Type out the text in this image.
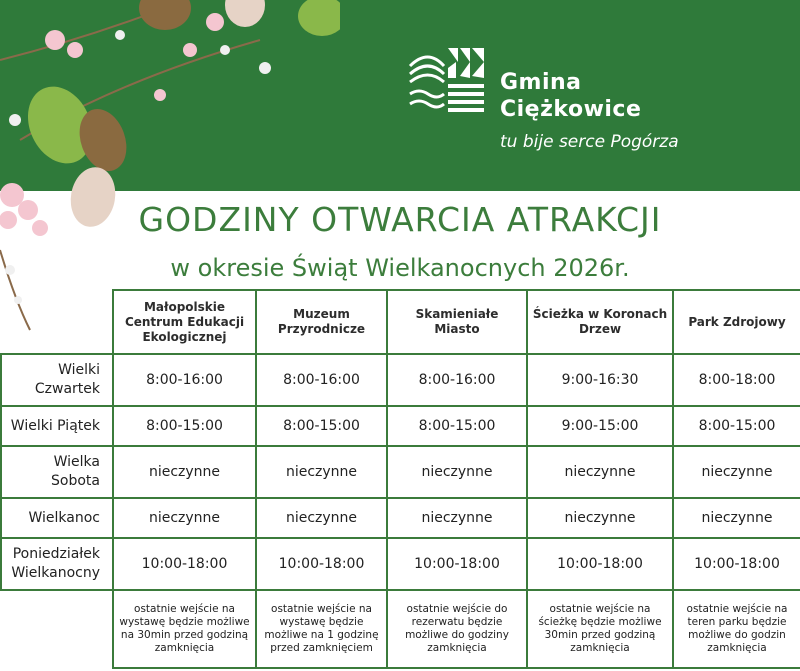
Gmina
Ciężkowice
tu bije serce Pogórza
GODZINY OTWARCIA ATRAKCJI
w okresie Świąt Wielkanocnych 2026r.
	Małopolskie Centrum Edukacji Ekologicznej	Muzeum Przyrodnicze	Skamieniałe Miasto	Ścieżka w Koronach Drzew	Park Zdrojowy
Wielki Czwartek	8:00-16:00	8:00-16:00	8:00-16:00	9:00-16:30	8:00-18:00
Wielki Piątek	8:00-15:00	8:00-15:00	8:00-15:00	9:00-15:00	8:00-15:00
Wielka Sobota	nieczynne	nieczynne	nieczynne	nieczynne	nieczynne
Wielkanoc	nieczynne	nieczynne	nieczynne	nieczynne	nieczynne
Poniedziałek Wielkanocny	10:00-18:00	10:00-18:00	10:00-18:00	10:00-18:00	10:00-18:00
	ostatnie wejście na wystawę będzie możliwe na 30min przed godziną zamknięcia	ostatnie wejście na wystawę będzie możliwe na 1 godzinę przed zamknięciem	ostatnie wejście do rezerwatu będzie możliwe do godziny zamknięcia	ostatnie wejście na ścieżkę będzie możliwe 30min przed godziną zamknięcia	ostatnie wejście na teren parku będzie możliwe do godzin zamknięcia
